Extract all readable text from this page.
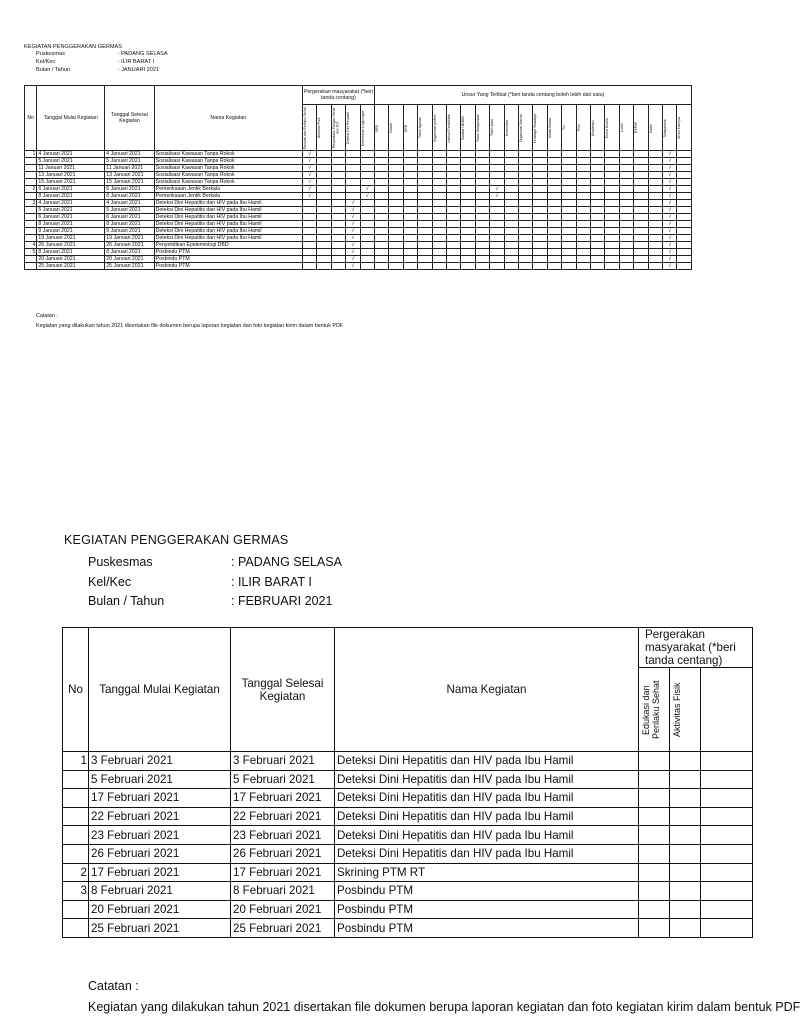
KEGIATAN PENGGERAKAN GERMAS
Puskesmas	: PADANG SELASA
Kel/Kec	: ILIR BARAT I
Bulan / Tahun	: JANUARI 2021
No	Tanggal Mulai Kegiatan	Tanggal Selesai Kegiatan	Nama Kegiatan	Pergerakan masyarakat (*beri tanda centang)					Unsur Yang Terlibat (*beri tanda centang boleh lebih dari satu)																					

				Edukasi dan Perilaku Sehat	Aktivitas Fisik	Penyediaan Pangan Sehat dan Gizi	Deteksi Dini Penyakit	Kebersihan Lingkungan	OPD	Camat	DPR	Tokoh Agama	Organisasi profesi	Institusi Pendidikan	Swasta / BUMN	Tokoh Masyarakat	Tokoh Adat	Komunitas	Organisasi Wanita	Lembaga Swadaya	Media Massa	Tni	Polri	Akademisi	Dunia Usaha	Lurah	RT/RW	Kader	Masyarakat	Unsur Lainnya

1	4 Januari 2021	4 Januari 2021	Sosialisasi Kawasan Tanpa Rokok	√																									√	
	5 Januari 2021	5 Januari 2021	Sosialisasi Kawasan Tanpa Rokok	√																									√	
	11 Januari 2021	11 Januari 2021	Sosialisasi Kawasan Tanpa Rokok	√																									√	
	13 Januari 2021	13 Januari 2021	Sosialisasi Kawasan Tanpa Rokok	√																									√	
	15 Januari 2021	15 Januari 2021	Sosialisasi Kawasan Tanpa Rokok	√																									√	
2	6 Januari 2021	6 Januari 2021	Pemeriksaan Jentik Berkala	√				√									√												√	
	8 Januari 2021	8 Januari 2021	Pemeriksaan Jentik Berkala	√				√									√												√	
3	4 Januari 2021	4 Januari 2021	Deteksi Dini Hepatitis dan HIV pada Ibu Hamil				√																						√	
	5 Januari 2021	5 Januari 2021	Deteksi Dini Hepatitis dan HIV pada Ibu Hamil				√																						√	
	6 Januari 2021	6 Januari 2021	Deteksi Dini Hepatitis dan HIV pada Ibu Hamil				√																						√	
	8 Januari 2021	8 Januari 2021	Deteksi Dini Hepatitis dan HIV pada Ibu Hamil				√																						√	
	9 Januari 2021	9 Januari 2021	Deteksi Dini Hepatitis dan HIV pada Ibu Hamil				√																						√	
	19 Januari 2021	19 Januari 2021	Deteksi Dini Hepatitis dan HIV pada Ibu Hamil				√																						√	
4	26 Januari 2021	26 Januari 2021	Penyelidikan Epidemiologi DBD				√																						√	
5	8 Januari 2021	8 Januari 2021	Posbindu PTM				√																						√	
	20 Januari 2021	20 Januari 2021	Posbindu PTM				√																						√	
	25 Januari 2021	25 Januari 2021	Posbindu PTM				√																						√	
Catatan :
Kegiatan yang dilakukan tahun 2021 disertakan file dokumen berupa laporan kegiatan dan foto kegiatan kirim dalam bentuk PDF
KEGIATAN PENGGERAKAN GERMAS
Puskesmas	: PADANG SELASA
Kel/Kec	: ILIR BARAT I
Bulan / Tahun	: FEBRUARI 2021
No	Tanggal Mulai Kegiatan	Tanggal Selesai Kegiatan	Nama Kegiatan	Pergerakan masyarakat (*beri tanda centang)		

				Edukasi dan Perilaku Sehat	Aktivitas Fisik	

1	3 Februari 2021	3 Februari 2021	Deteksi Dini Hepatitis dan HIV pada Ibu Hamil			
	5 Februari 2021	5 Februari 2021	Deteksi Dini Hepatitis dan HIV pada Ibu Hamil			
	17 Februari 2021	17 Februari 2021	Deteksi Dini Hepatitis dan HIV pada Ibu Hamil			
	22 Februari 2021	22 Februari 2021	Deteksi Dini Hepatitis dan HIV pada Ibu Hamil			
	23 Februari 2021	23 Februari 2021	Deteksi Dini Hepatitis dan HIV pada Ibu Hamil			
	26 Februari 2021	26 Februari 2021	Deteksi Dini Hepatitis dan HIV pada Ibu Hamil			
2	17 Februari 2021	17 Februari 2021	Skrining PTM RT			
3	8 Februari 2021	8 Februari 2021	Posbindu PTM			
	20 Februari 2021	20 Februari 2021	Posbindu PTM			
	25 Februari 2021	25 Februari 2021	Posbindu PTM			
Catatan :
Kegiatan yang dilakukan tahun 2021 disertakan file dokumen berupa laporan kegiatan dan foto kegiatan kirim dalam bentuk PDF
